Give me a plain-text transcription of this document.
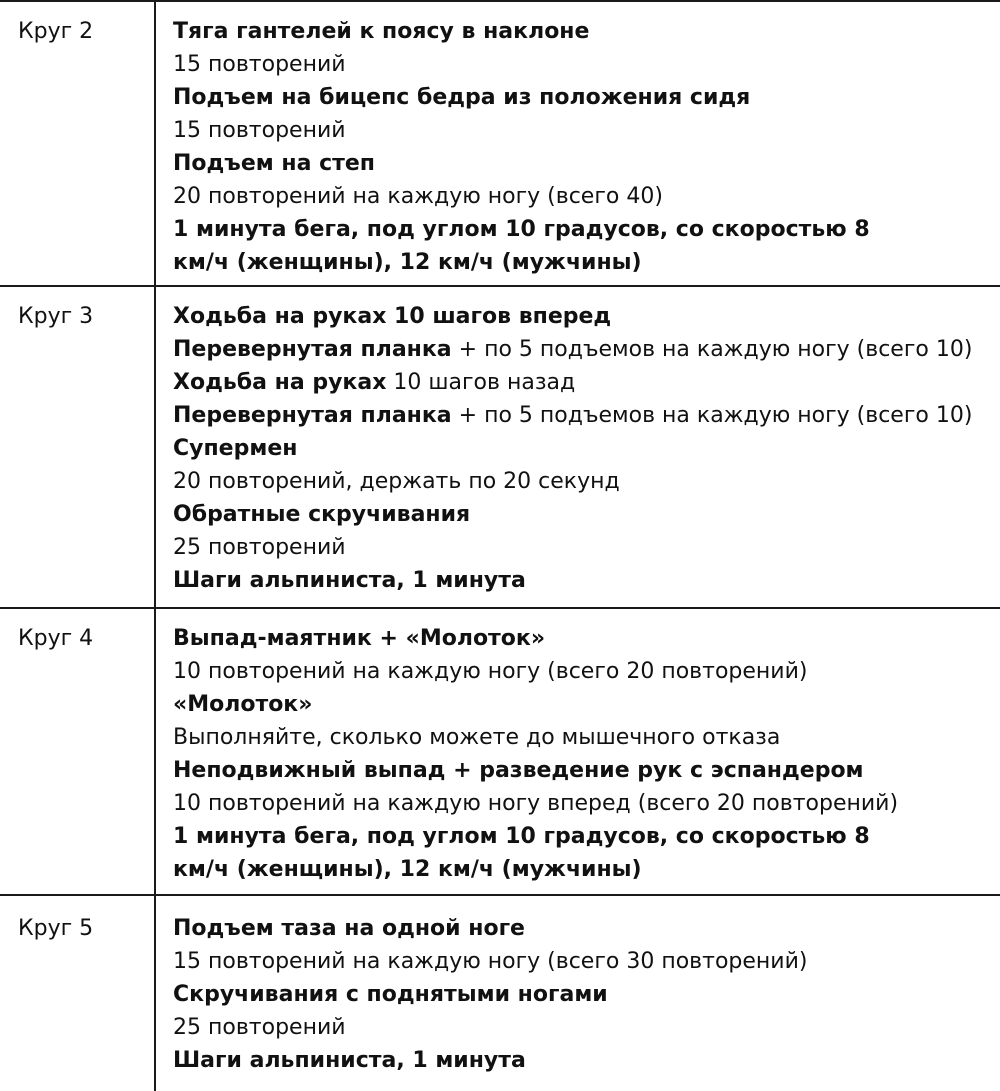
Круг 2	Тяга гантелей к поясу в наклоне
15 повторений
Подъем на бицепс бедра из положения сидя
15 повторений
Подъем на степ
20 повторений на каждую ногу (всего 40)
1 минута бега, под углом 10 градусов, со скоростью 8 км/ч (женщины), 12 км/ч (мужчины)
Круг 3	Ходьба на руках 10 шагов вперед
Перевернутая планка + по 5 подъемов на каждую ногу (всего 10)
Ходьба на руках 10 шагов назад
Перевернутая планка + по 5 подъемов на каждую ногу (всего 10)
Супермен
20 повторений, держать по 20 секунд
Обратные скручивания
25 повторений
Шаги альпиниста, 1 минута
Круг 4	Выпад-маятник + «Молоток»
10 повторений на каждую ногу (всего 20 повторений)
«Молоток»
Выполняйте, сколько можете до мышечного отказа
Неподвижный выпад + разведение рук с эспандером
10 повторений на каждую ногу вперед (всего 20 повторений)
1 минута бега, под углом 10 градусов, со скоростью 8 км/ч (женщины), 12 км/ч (мужчины)
Круг 5	Подъем таза на одной ноге
15 повторений на каждую ногу (всего 30 повторений)
Скручивания с поднятыми ногами
25 повторений
Шаги альпиниста, 1 минута
